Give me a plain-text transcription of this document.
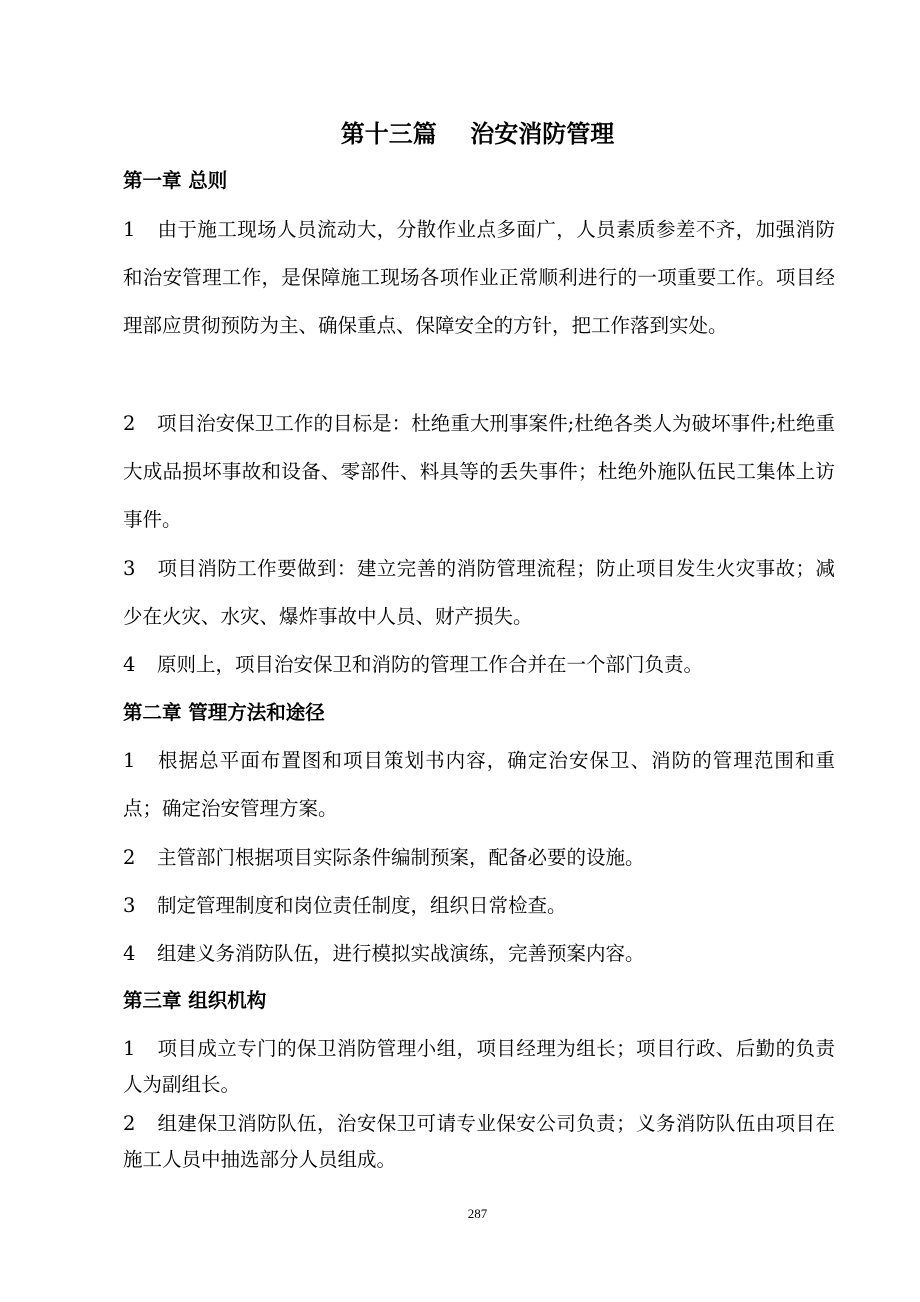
第十三篇    治安消防管理
第一章 总则
1 由于施工现场人员流动大，分散作业点多面广，人员素质参差不齐，加强消防和治安管理工作，是保障施工现场各项作业正常顺利进行的一项重要工作。项目经理部应贯彻预防为主、确保重点、保障安全的方针，把工作落到实处。
2 项目治安保卫工作的目标是：杜绝重大刑事案件;杜绝各类人为破坏事件;杜绝重大成品损坏事故和设备、零部件、料具等的丢失事件；杜绝外施队伍民工集体上访事件。
3 项目消防工作要做到：建立完善的消防管理流程；防止项目发生火灾事故；减少在火灾、水灾、爆炸事故中人员、财产损失。
4 原则上，项目治安保卫和消防的管理工作合并在一个部门负责。
第二章 管理方法和途径
1 根据总平面布置图和项目策划书内容，确定治安保卫、消防的管理范围和重点；确定治安管理方案。
2 主管部门根据项目实际条件编制预案，配备必要的设施。
3 制定管理制度和岗位责任制度，组织日常检查。
4 组建义务消防队伍，进行模拟实战演练，完善预案内容。
第三章 组织机构
1 项目成立专门的保卫消防管理小组，项目经理为组长；项目行政、后勤的负责人为副组长。
2 组建保卫消防队伍，治安保卫可请专业保安公司负责；义务消防队伍由项目在施工人员中抽选部分人员组成。
287
